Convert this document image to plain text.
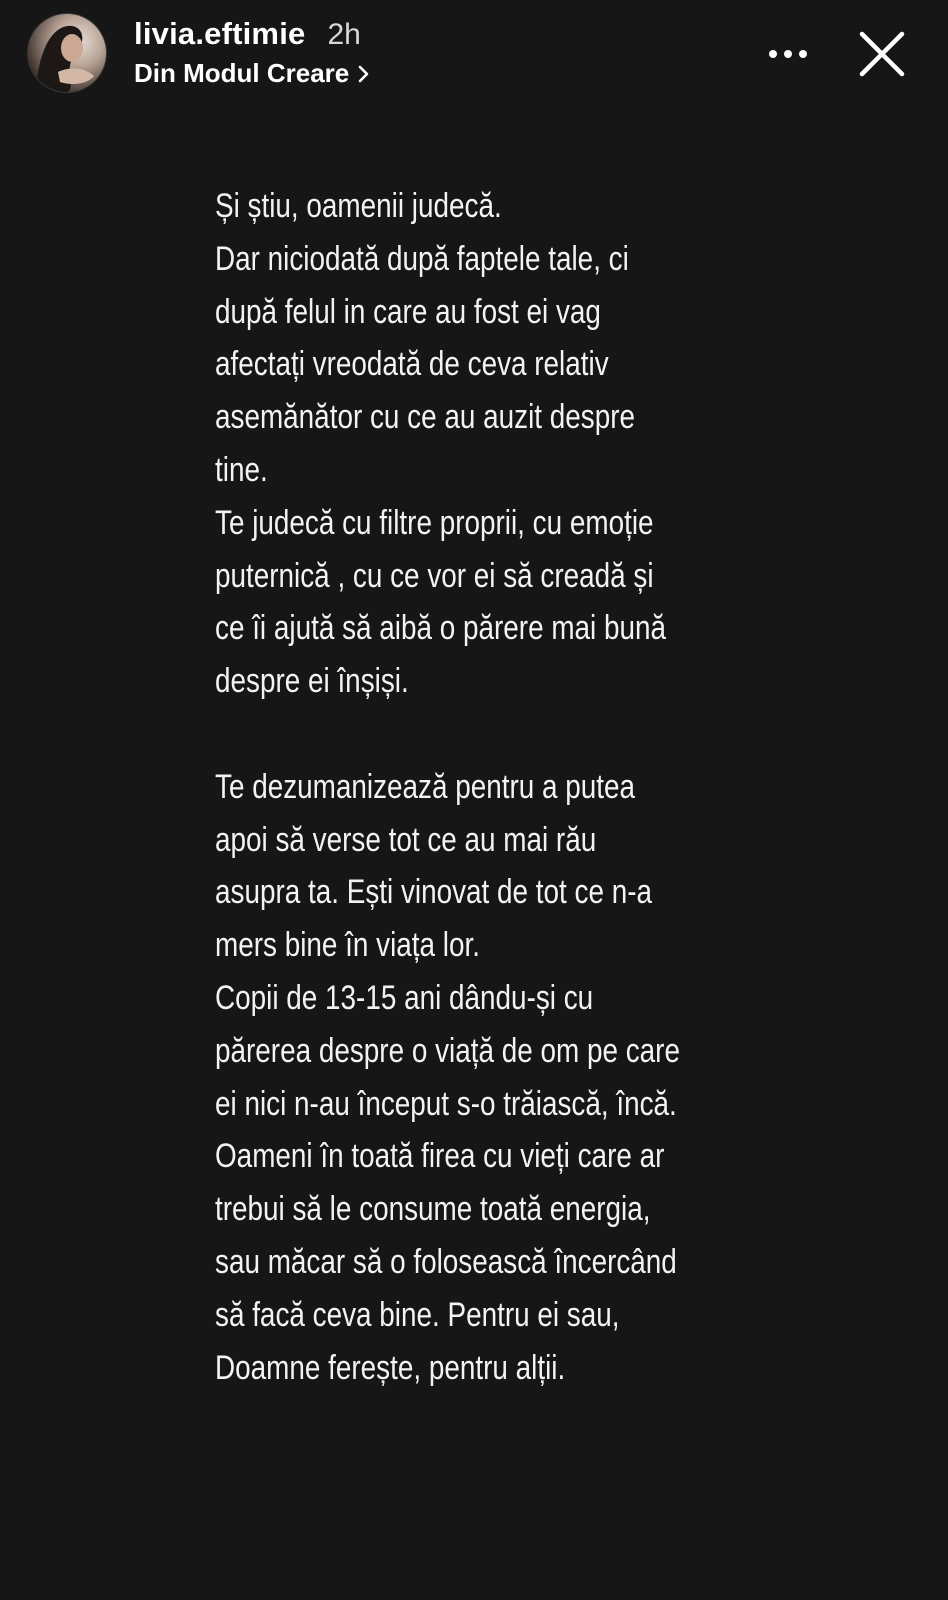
livia.eftimie 2h
Din Modul Creare
Și știu, oamenii judecă.
Dar niciodată după faptele tale, ci
după felul in care au fost ei vag
afectați vreodată de ceva relativ
asemănător cu ce au auzit despre
tine.
Te judecă cu filtre proprii, cu emoție
puternică , cu ce vor ei să creadă și
ce îi ajută să aibă o părere mai bună
despre ei înșiși.
Te dezumanizează pentru a putea
apoi să verse tot ce au mai rău
asupra ta. Ești vinovat de tot ce n-a
mers bine în viața lor.
Copii de 13-15 ani dându-și cu
părerea despre o viață de om pe care
ei nici n-au început s-o trăiască, încă.
Oameni în toată firea cu vieți care ar
trebui să le consume toată energia,
sau măcar să o folosească încercând
să facă ceva bine. Pentru ei sau,
Doamne ferește, pentru alții.
